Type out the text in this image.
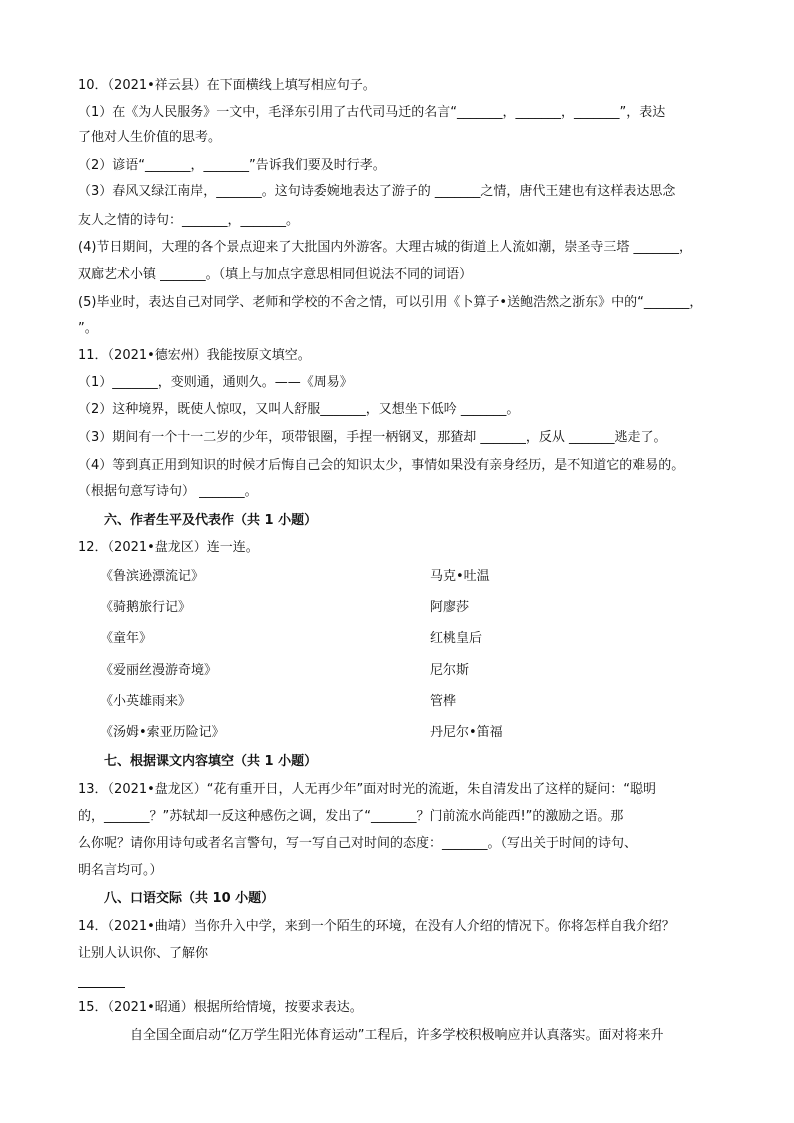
10．（2021•祥云县）在下面横线上填写相应句子。
（1）在《为人民服务》一文中，毛泽东引用了古代司马迁的名言“_______，_______，_______”，表达
了他对人生价值的思考。
（2）谚语“_______，_______”告诉我们要及时行孝。
（3）春风又绿江南岸，_______。这句诗委婉地表达了游子的 _______之情，唐代王建也有这样表达思念
友人之情的诗句：_______，_______。
(4)节日期间，大理的各个景点迎来了大批国内外游客。大理古城的街道上人流如潮，崇圣寺三塔 _______，
双廊艺术小镇 _______。（填上与加点字意思相同但说法不同的词语）
(5)毕业时，表达自己对同学、老师和学校的不舍之情，可以引用《卜算子•送鲍浩然之浙东》中的“_______，
”。
11．（2021•德宏州）我能按原文填空。
（1）_______，变则通，通则久。——《周易》
（2）这种境界，既使人惊叹，又叫人舒服_______，又想坐下低吟 _______。
（3）期间有一个十一二岁的少年，项带银圈，手捏一柄钢叉，那猹却 _______，反从 _______逃走了。
（4）等到真正用到知识的时候才后悔自己会的知识太少，事情如果没有亲身经历，是不知道它的难易的。
（根据句意写诗句） _______。
六、作者生平及代表作（共 1 小题）
12．（2021•盘龙区）连一连。
《鲁滨逊漂流记》
《骑鹅旅行记》
《童年》
《爱丽丝漫游奇境》
《小英雄雨来》
《汤姆•索亚历险记》
马克•吐温
阿廖莎
红桃皇后
尼尔斯
管桦
丹尼尔•笛福
七、根据课文内容填空（共 1 小题）
13．（2021•盘龙区）“花有重开日，人无再少年”面对时光的流逝，朱自清发出了这样的疑问：“聪明
的，_______？”苏轼却一反这种感伤之调，发出了“_______？门前流水尚能西!”的激励之语。那
么你呢？请你用诗句或者名言警句，写一写自己对时间的态度：_______。（写出关于时间的诗句、
明名言均可。）
八、口语交际（共 10 小题）
14．（2021•曲靖）当你升入中学，来到一个陌生的环境，在没有人介绍的情况下。你将怎样自我介绍？
让别人认识你、了解你
15．（2021•昭通）根据所给情境，按要求表达。
自全国全面启动“亿万学生阳光体育运动”工程后，许多学校积极响应并认真落实。面对将来升
